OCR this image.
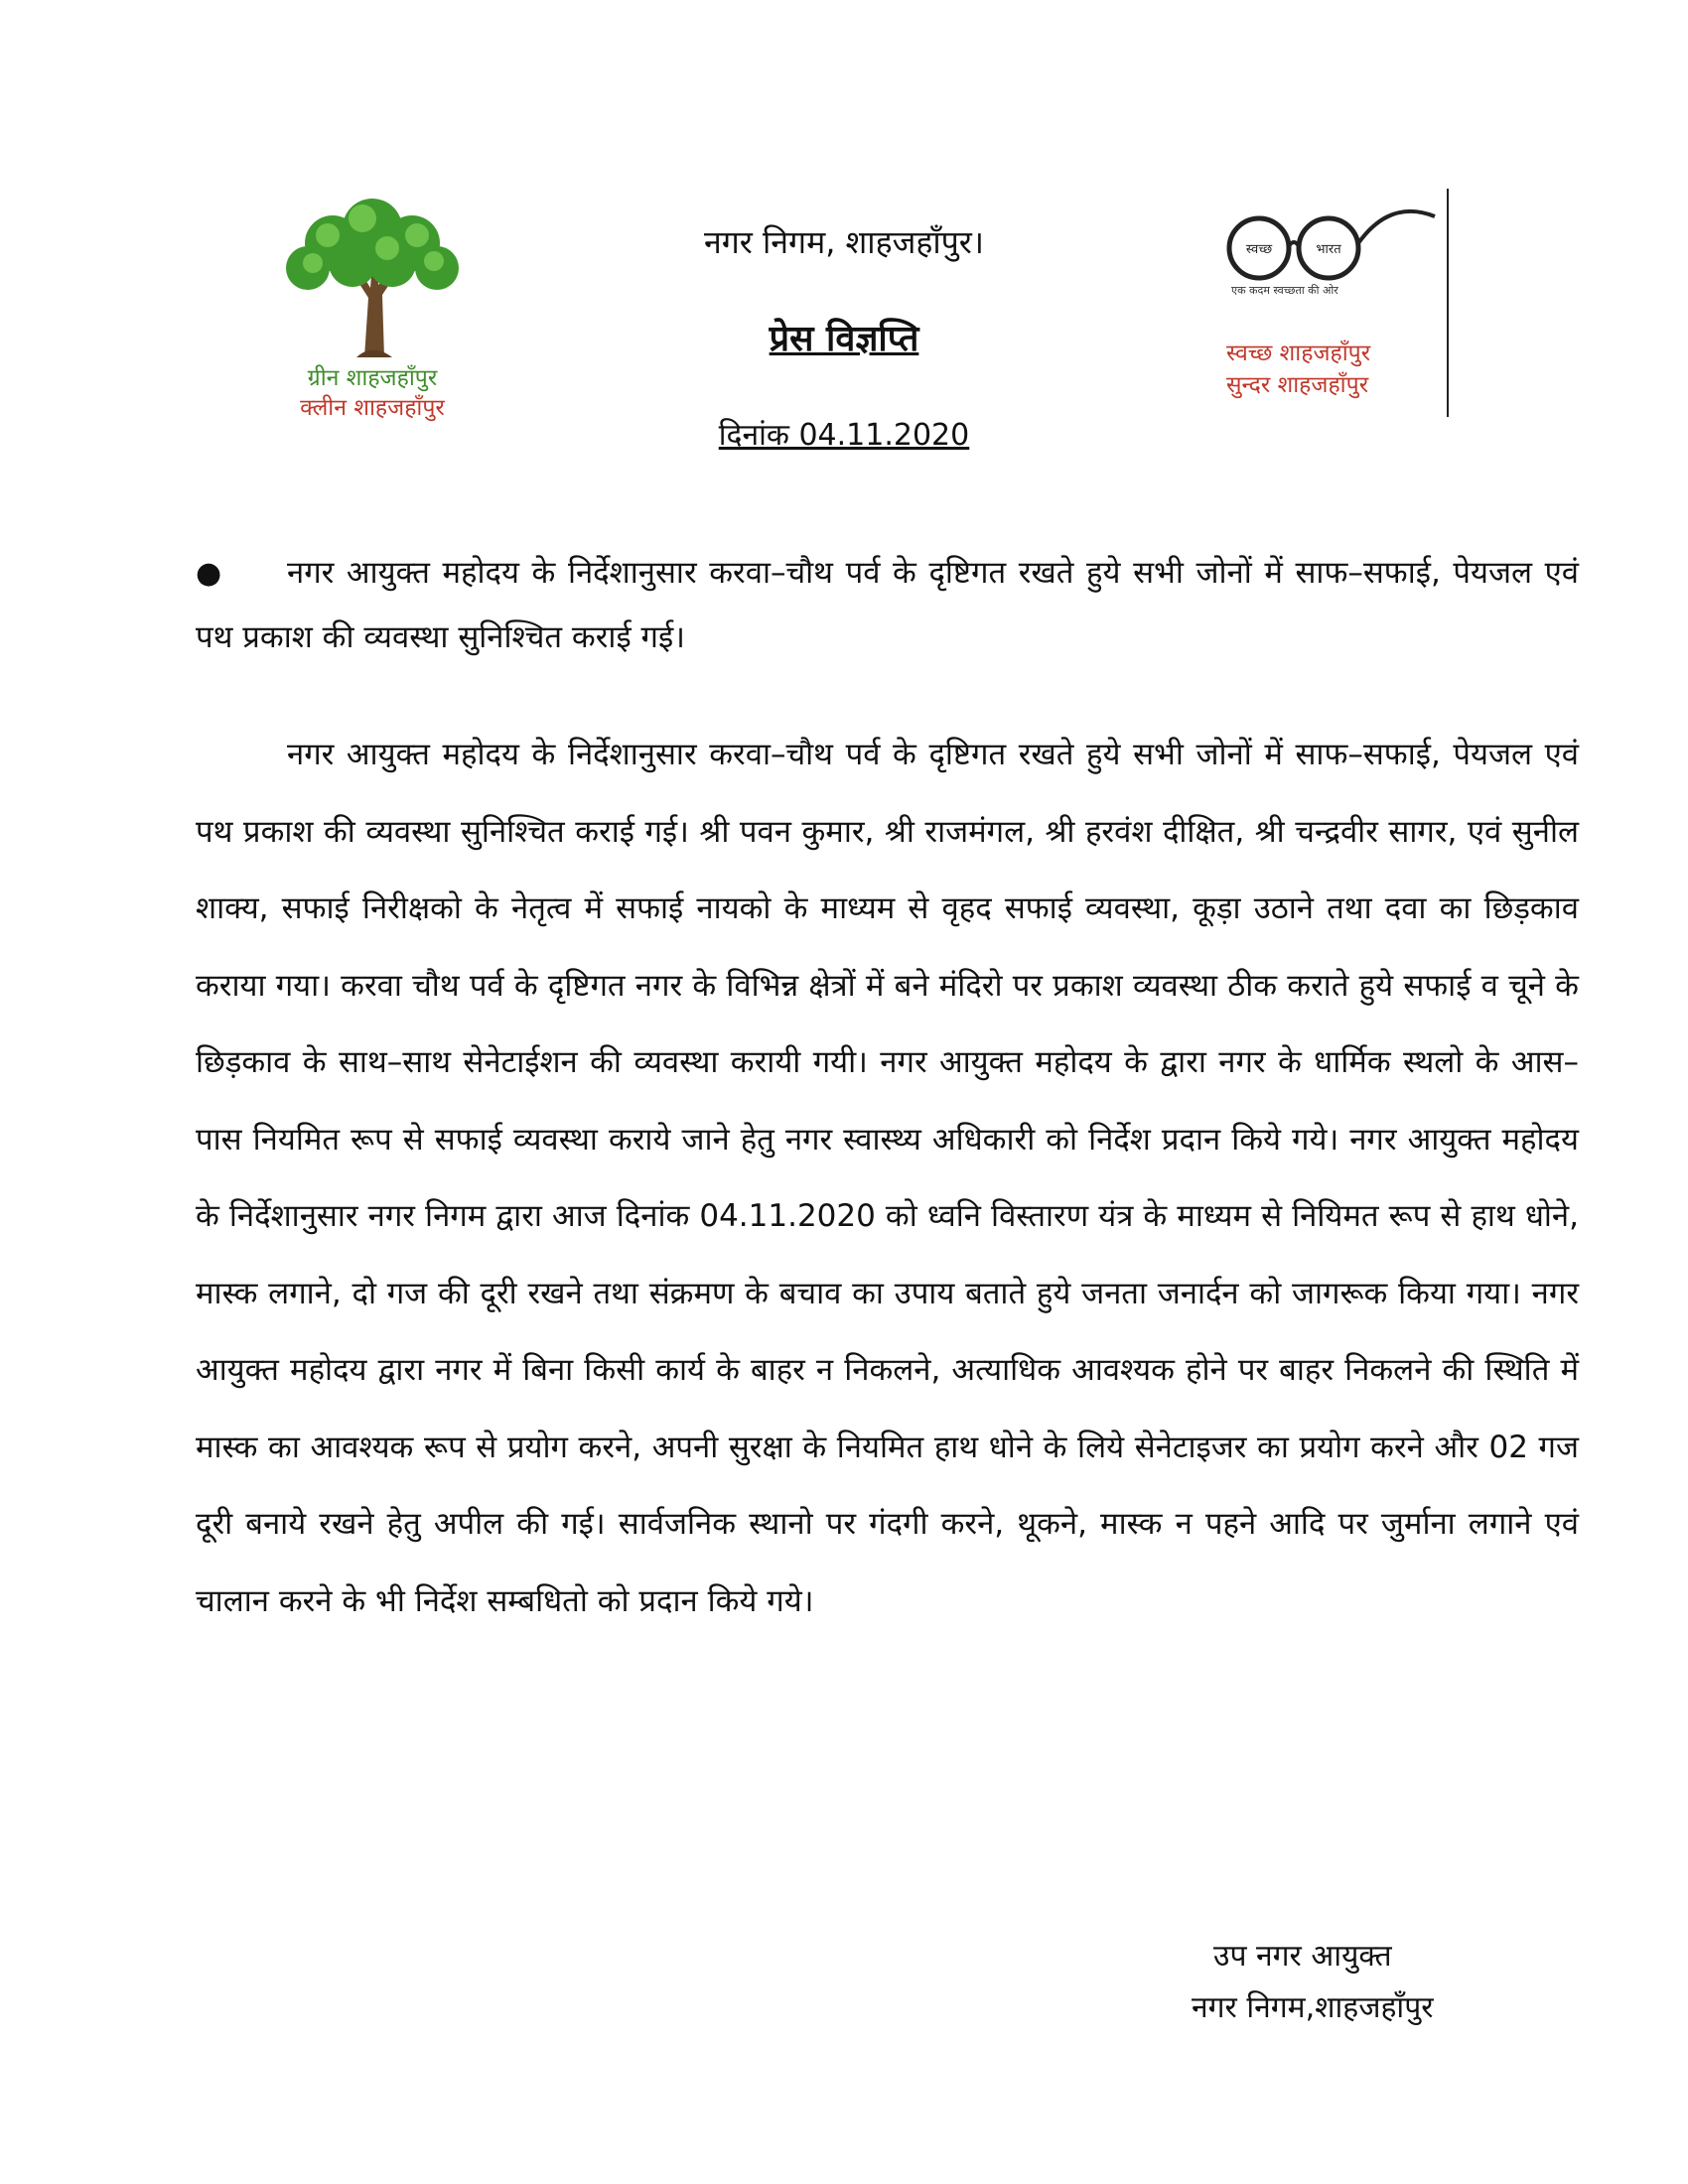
ग्रीन शाहजहाँपुर
क्लीन शाहजहाँपुर
नगर निगम, शाहजहाँपुर।
प्रेस विज्ञप्ति
दिनांक 04.11.2020
स्वच्छ	भारत
एक कदम स्वच्छता की ओर
स्वच्छ शाहजहाँपुर
सुन्दर शाहजहाँपुर
● नगर आयुक्त महोदय के निर्देशानुसार करवा–चौथ पर्व के दृष्टिगत रखते हुये सभी जोनों में साफ–सफाई, पेयजल एवं पथ प्रकाश की व्यवस्था सुनिश्चित कराई गई।
नगर आयुक्त महोदय के निर्देशानुसार करवा–चौथ पर्व के दृष्टिगत रखते हुये सभी जोनों में साफ–सफाई, पेयजल एवं पथ प्रकाश की व्यवस्था सुनिश्चित कराई गई। श्री पवन कुमार, श्री राजमंगल, श्री हरवंश दीक्षित, श्री चन्द्रवीर सागर, एवं सुनील शाक्य, सफाई निरीक्षको के नेतृत्व में सफाई नायको के माध्यम से वृहद सफाई व्यवस्था, कूड़ा उठाने तथा दवा का छिड़काव कराया गया। करवा चौथ पर्व के दृष्टिगत नगर के विभिन्न क्षेत्रों में बने मंदिरो पर प्रकाश व्यवस्था ठीक कराते हुये सफाई व चूने के छिड़काव के साथ–साथ सेनेटाईशन की व्यवस्था करायी गयी। नगर आयुक्त महोदय के द्वारा नगर के धार्मिक स्थलो के आस–पास नियमित रूप से सफाई व्यवस्था कराये जाने हेतु नगर स्वास्थ्य अधिकारी को निर्देश प्रदान किये गये। नगर आयुक्त महोदय के निर्देशानुसार नगर निगम द्वारा आज दिनांक 04.11.2020 को ध्वनि विस्तारण यंत्र के माध्यम से नियिमत रूप से हाथ धोने, मास्क लगाने, दो गज की दूरी रखने तथा संक्रमण के बचाव का उपाय बताते हुये जनता जनार्दन को जागरूक किया गया। नगर आयुक्त महोदय द्वारा नगर में बिना किसी कार्य के बाहर न निकलने, अत्याधिक आवश्यक होने पर बाहर निकलने की स्थिति में मास्क का आवश्यक रूप से प्रयोग करने, अपनी सुरक्षा के नियमित हाथ धोने के लिये सेनेटाइजर का प्रयोग करने और 02 गज दूरी बनाये रखने हेतु अपील की गई। सार्वजनिक स्थानो पर गंदगी करने, थूकने, मास्क न पहने आदि पर जुर्माना लगाने एवं चालान करने के भी निर्देश सम्बधितो को प्रदान किये गये।
उप नगर आयुक्त
नगर निगम,शाहजहाँपुर
